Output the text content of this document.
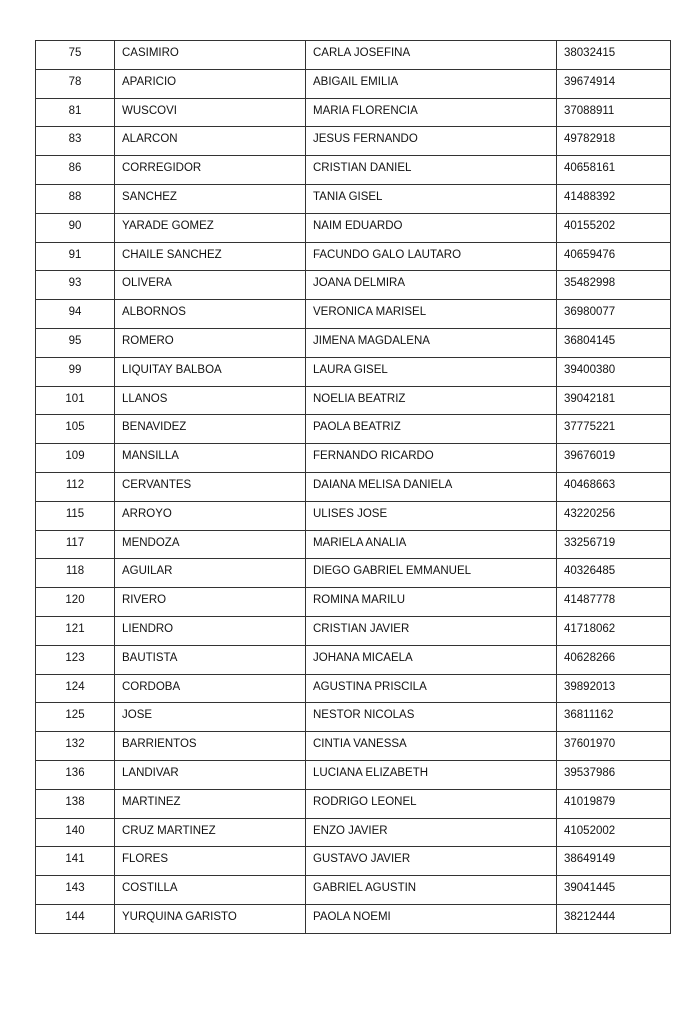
75	CASIMIRO	CARLA JOSEFINA	38032415
78	APARICIO	ABIGAIL EMILIA	39674914
81	WUSCOVI	MARIA FLORENCIA	37088911
83	ALARCON	JESUS FERNANDO	49782918
86	CORREGIDOR	CRISTIAN DANIEL	40658161
88	SANCHEZ	TANIA GISEL	41488392
90	YARADE GOMEZ	NAIM EDUARDO	40155202
91	CHAILE SANCHEZ	FACUNDO GALO LAUTARO	40659476
93	OLIVERA	JOANA DELMIRA	35482998
94	ALBORNOS	VERONICA MARISEL	36980077
95	ROMERO	JIMENA MAGDALENA	36804145
99	LIQUITAY BALBOA	LAURA GISEL	39400380
101	LLANOS	NOELIA BEATRIZ	39042181
105	BENAVIDEZ	PAOLA BEATRIZ	37775221
109	MANSILLA	FERNANDO RICARDO	39676019
112	CERVANTES	DAIANA MELISA DANIELA	40468663
115	ARROYO	ULISES JOSE	43220256
117	MENDOZA	MARIELA ANALIA	33256719
118	AGUILAR	DIEGO GABRIEL EMMANUEL	40326485
120	RIVERO	ROMINA MARILU	41487778
121	LIENDRO	CRISTIAN JAVIER	41718062
123	BAUTISTA	JOHANA MICAELA	40628266
124	CORDOBA	AGUSTINA PRISCILA	39892013
125	JOSE	NESTOR NICOLAS	36811162
132	BARRIENTOS	CINTIA VANESSA	37601970
136	LANDIVAR	LUCIANA ELIZABETH	39537986
138	MARTINEZ	RODRIGO LEONEL	41019879
140	CRUZ MARTINEZ	ENZO JAVIER	41052002
141	FLORES	GUSTAVO JAVIER	38649149
143	COSTILLA	GABRIEL AGUSTIN	39041445
144	YURQUINA GARISTO	PAOLA NOEMI	38212444
